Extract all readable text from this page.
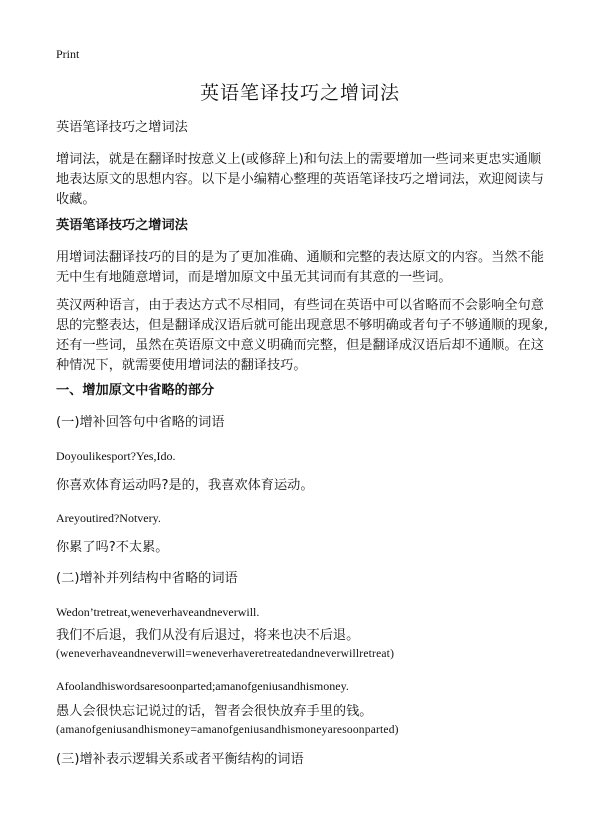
Print
英语笔译技巧之增词法

英语笔译技巧之增词法

增词法，就是在翻译时按意义上(或修辞上)和句法上的需要增加一些词来更忠实通顺地表达原文的思想内容。以下是小编精心整理的英语笔译技巧之增词法，欢迎阅读与收藏。

英语笔译技巧之增词法

用增词法翻译技巧的目的是为了更加准确、通顺和完整的表达原文的内容。当然不能无中生有地随意增词，而是增加原文中虽无其词而有其意的一些词。

英汉两种语言，由于表达方式不尽相同，有些词在英语中可以省略而不会影响全句意思的完整表达，但是翻译成汉语后就可能出现意思不够明确或者句子不够通顺的现象,还有一些词，虽然在英语原文中意义明确而完整，但是翻译成汉语后却不通顺。在这种情况下，就需要使用增词法的翻译技巧。

一、增加原文中省略的部分

(一)增补回答句中省略的词语

Doyoulikesport?Yes,Ido.

你喜欢体育运动吗?是的，我喜欢体育运动。

Areyoutired?Notvery.

你累了吗?不太累。

(二)增补并列结构中省略的词语

Wedon’tretreat,weneverhaveandneverwill.

我们不后退，我们从没有后退过，将来也决不后退。

(weneverhaveandneverwill=weneverhaveretreatedandneverwillretreat)

Afoolandhiswordsaresoonparted;amanofgeniusandhismoney.

愚人会很快忘记说过的话，智者会很快放弃手里的钱。

(amanofgeniusandhismoney=amanofgeniusandhismoneyaresoonparted)

(三)增补表示逻辑关系或者平衡结构的词语
